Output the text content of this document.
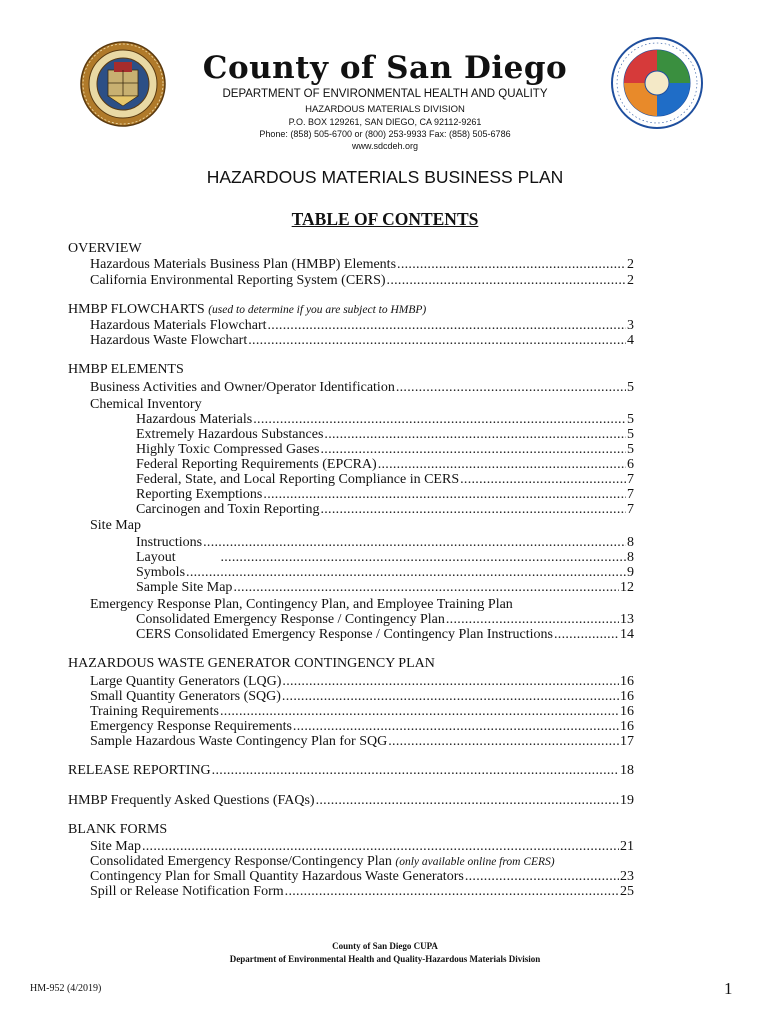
County of San Diego
DEPARTMENT OF ENVIRONMENTAL HEALTH AND QUALITY
HAZARDOUS MATERIALS DIVISION
P.O. BOX 129261, SAN DIEGO, CA 92112-9261
Phone: (858) 505-6700 or (800) 253-9933 Fax: (858) 505-6786
www.sdcdeh.org
HAZARDOUS MATERIALS BUSINESS PLAN
TABLE OF CONTENTS
OVERVIEW
Hazardous Materials Business Plan (HMBP) Elements .....	2
California Environmental Reporting System (CERS) .....	2
HMBP FLOWCHARTS (used to determine if you are subject to HMBP)
Hazardous Materials Flowchart .....	3
Hazardous Waste Flowchart .....	4
HMBP ELEMENTS
Business Activities and Owner/Operator Identification .....	5
Chemical Inventory
Hazardous Materials .....	5
Extremely Hazardous Substances .....	5
Highly Toxic Compressed Gases .....	5
Federal Reporting Requirements (EPCRA) .....	6
Federal, State, and Local Reporting Compliance in CERS .....	7
Reporting Exemptions .....	7
Carcinogen and Toxin Reporting .....	7
Site Map
Instructions .....	8
Layout .....	8
Symbols .....	9
Sample Site Map .....	12
Emergency Response Plan, Contingency Plan, and Employee Training Plan
Consolidated Emergency Response / Contingency Plan .....	13
CERS Consolidated Emergency Response / Contingency Plan Instructions .....	14
HAZARDOUS WASTE GENERATOR CONTINGENCY PLAN
Large Quantity Generators (LQG) .....	16
Small Quantity Generators (SQG) .....	16
Training Requirements .....	16
Emergency Response Requirements .....	16
Sample Hazardous Waste Contingency Plan for SQG .....	17
RELEASE REPORTING .....	18
HMBP Frequently Asked Questions (FAQs) .....	19
BLANK FORMS
Site Map .....	21
Consolidated Emergency Response/Contingency Plan (only available online from CERS)
Contingency Plan for Small Quantity Hazardous Waste Generators .....	23
Spill or Release Notification Form .....	25
County of San Diego CUPA
Department of Environmental Health and Quality-Hazardous Materials Division
HM-952 (4/2019)	1
